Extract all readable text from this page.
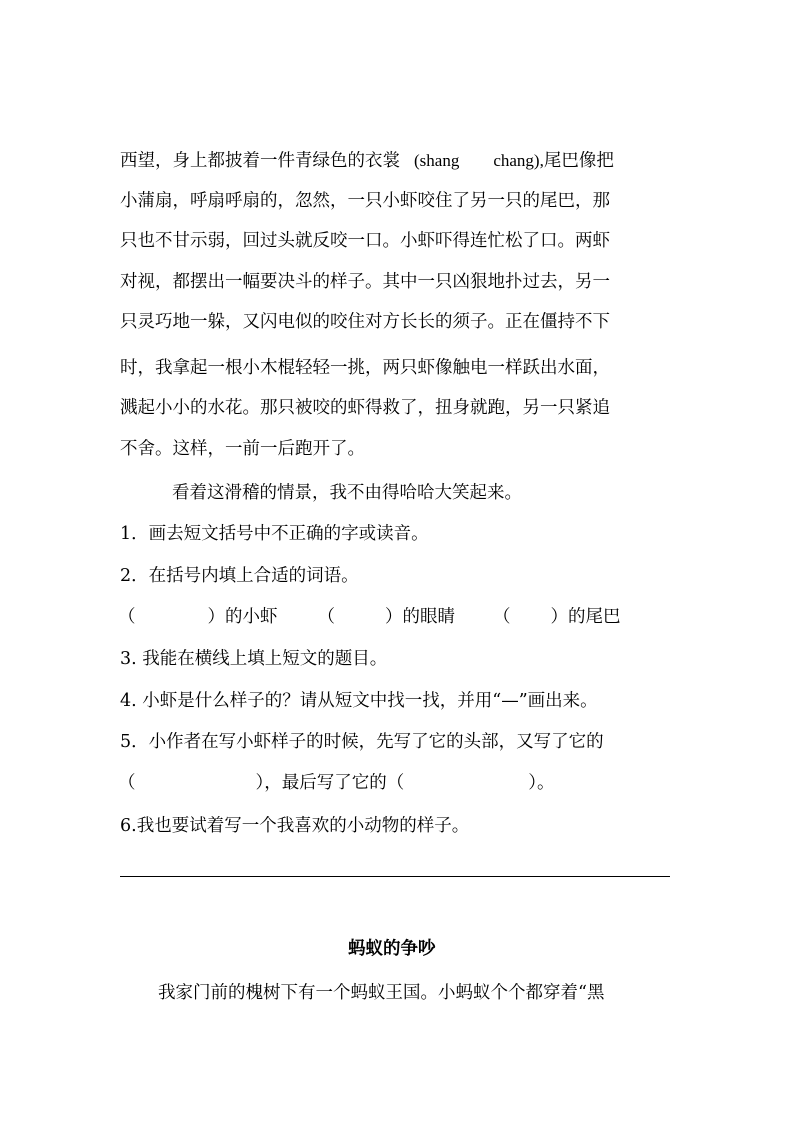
西望，身上都披着一件青绿色的衣裳 (shang chang),尾巴像把
小蒲扇，呼扇呼扇的，忽然，一只小虾咬住了另一只的尾巴，那
只也不甘示弱，回过头就反咬一口。小虾吓得连忙松了口。两虾
对视，都摆出一幅要决斗的样子。其中一只凶狠地扑过去，另一
只灵巧地一躲，又闪电似的咬住对方长长的须子。正在僵持不下
时，我拿起一根小木棍轻轻一挑，两只虾像触电一样跃出水面，
溅起小小的水花。那只被咬的虾得救了，扭身就跑，另一只紧追
不舍。这样，一前一后跑开了。
看着这滑稽的情景，我不由得哈哈大笑起来。
1．画去短文括号中不正确的字或读音。
2．在括号内填上合适的词语。
（	）的小虾 （	）的眼睛 （ ）的尾巴
3. 我能在横线上填上短文的题目。
4. 小虾是什么样子的？请从短文中找一找，并用“—”画出来。
5．小作者在写小虾样子的时候，先写了它的头部，又写了它的
（	），最后写了它的（	）。
6.我也要试着写一个我喜欢的小动物的样子。
蚂蚁的争吵
我家门前的槐树下有一个蚂蚁王国。小蚂蚁个个都穿着“黑
